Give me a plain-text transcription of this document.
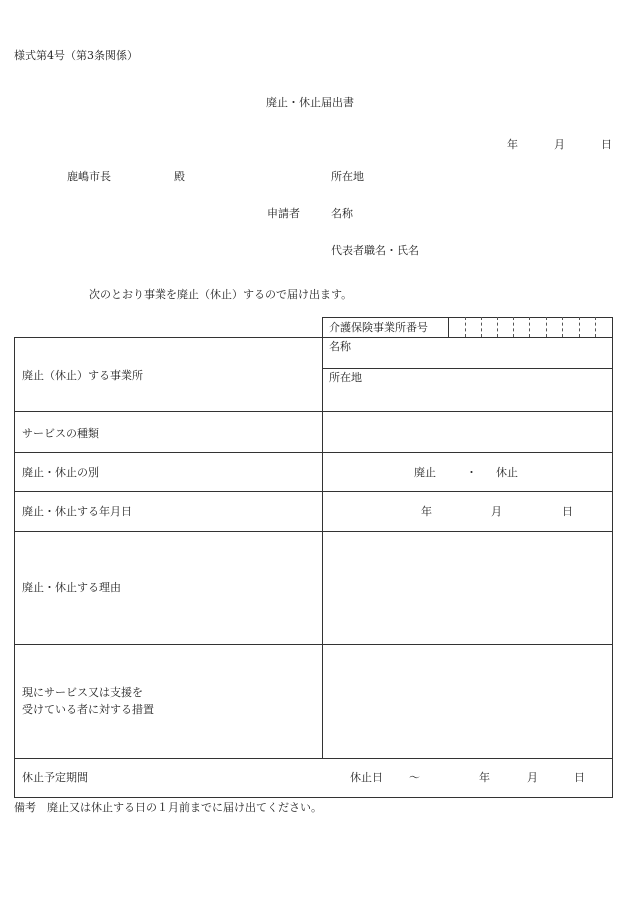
様式第4号（第3条関係）
廃止・休止届出書
年	月	日
鹿嶋市長	殿	所在地
申請者	名称
代表者職名・氏名
次のとおり事業を廃止（休止）するので届け出ます。
介護保険事業所番号
廃止（休止）する事業所
名称
所在地
サービスの種類
廃止・休止の別	廃止	・ 休止
廃止・休止する年月日	年	月	日
廃止・休止する理由
現にサービス又は支援を
受けている者に対する措置
休止予定期間	休止日 ～	年	月	日
備考　廃止又は休止する日の１月前までに届け出てください。
